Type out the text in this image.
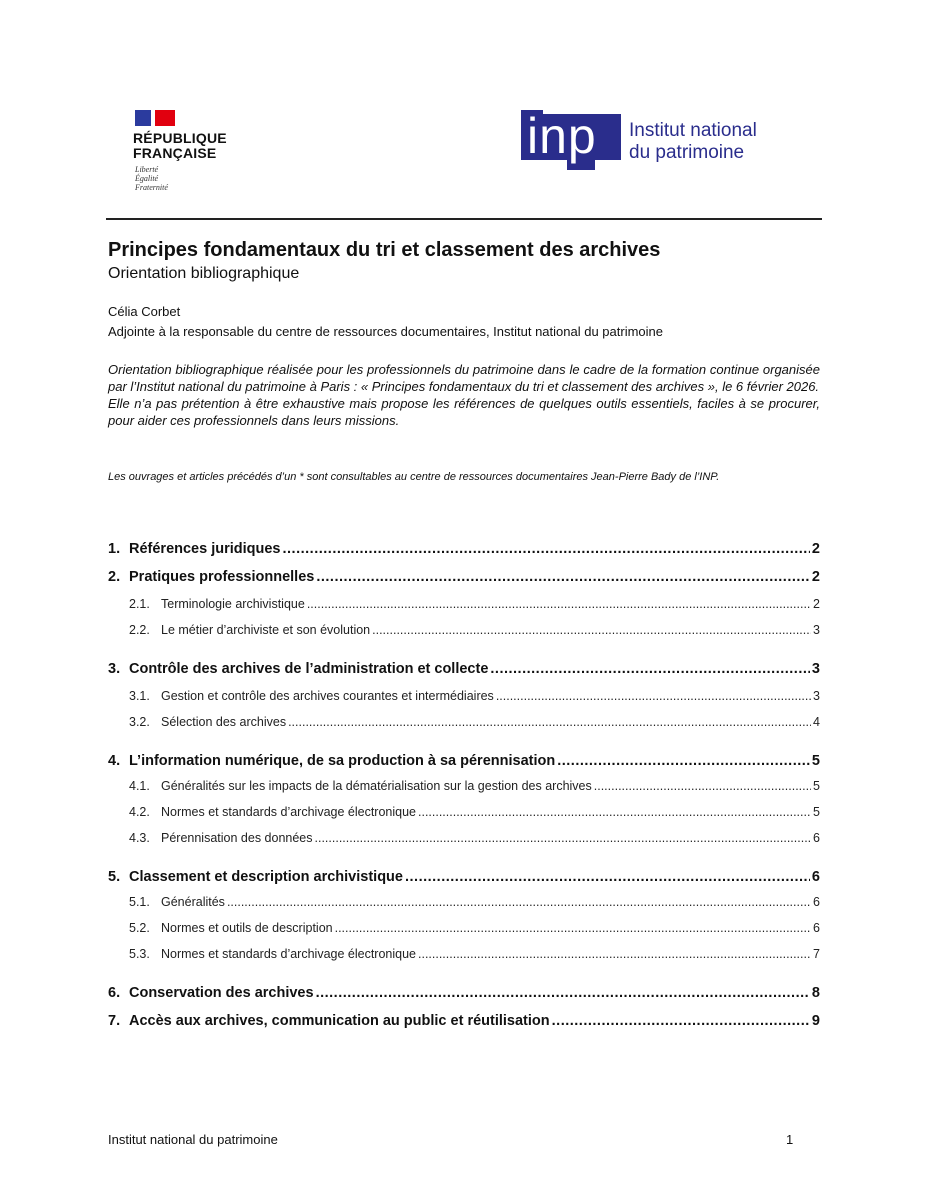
RÉPUBLIQUE
FRANÇAISE
Liberté
Égalité
Fraternité
inp Institut national
du patrimoine
Principes fondamentaux du tri et classement des archives
Orientation bibliographique
Célia Corbet
Adjointe à la responsable du centre de ressources documentaires, Institut national du patrimoine
Orientation bibliographique réalisée pour les professionnels du patrimoine dans le cadre de la formation continue organisée par l’Institut national du patrimoine à Paris : « Principes fondamentaux du tri et classement des archives », le 6 février 2026.
Elle n’a pas prétention à être exhaustive mais propose les références de quelques outils essentiels, faciles à se procurer, pour aider ces professionnels dans leurs missions.
Les ouvrages et articles précédés d’un * sont consultables au centre de ressources documentaires Jean-Pierre Bady de l’INP.
1. Références juridiques .....	2
2. Pratiques professionnelles .....	2
2.1. Terminologie archivistique .....	2
2.2. Le métier d’archiviste et son évolution .....	3
3. Contrôle des archives de l’administration et collecte .....	3
3.1. Gestion et contrôle des archives courantes et intermédiaires .....	3
3.2. Sélection des archives .....	4
4. L’information numérique, de sa production à sa pérennisation .....	5
4.1. Généralités sur les impacts de la dématérialisation sur la gestion des archives .....	5
4.2. Normes et standards d’archivage électronique .....	5
4.3. Pérennisation des données .....	6
5. Classement et description archivistique .....	6
5.1. Généralités .....	6
5.2. Normes et outils de description .....	6
5.3. Normes et standards d’archivage électronique .....	7
6. Conservation des archives .....	8
7. Accès aux archives, communication au public et réutilisation .....	9
Institut national du patrimoine	1
